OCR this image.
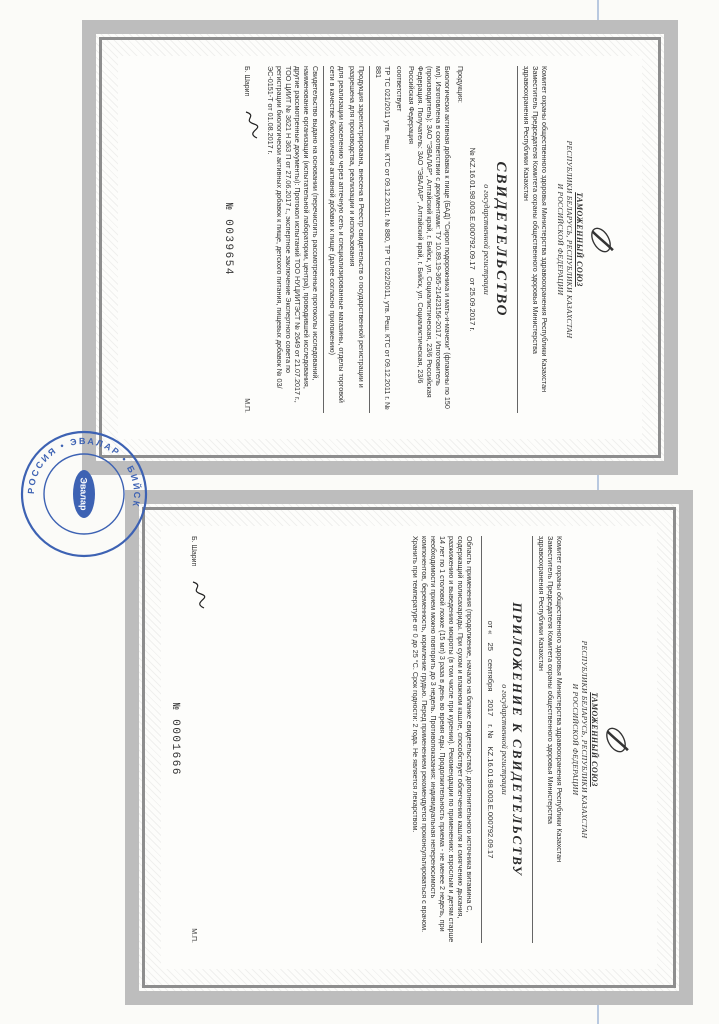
ТАМОЖЕННЫЙ СОЮЗ
РЕСПУБЛИКИ БЕЛАРУСЬ, РЕСПУБЛИКИ КАЗАХСТАН
И РОССИЙСКОЙ ФЕДЕРАЦИИ
Комитет охраны общественного здоровья Министерства здравоохранения Республики Казахстан
Заместитель Председателя Комитета охраны общественного здоровья Министерства
здравоохранения Республики Казахстан
СВИДЕТЕЛЬСТВО
о государственной регистрации
№ KZ.16.01.98.003.E.000792.09.17
от 25.09.2017 г.
Продукция:
Биологически активная добавка к пище (БАД) "Сироп подорожника и мать-и-мачехи" (флаконы по 150 мл). Изготовлена в соответствии с документами: ТУ 10.89.19-365-21423156-2017. Изготовитель (производитель): ЗАО "ЭВАЛАР", Алтайский край, г. Бийск, ул. Социалистическая, 23/6 Российская Федерация. Получатель: ЗАО "ЭВАЛАР", Алтайский край, г. Бийск, ул. Социалистическая, 23/6 Российская Федерация
соответствует
ТР ТС 021/2011 утв. Реш. КТС от 09.12.2011г. № 880, ТР ТС 022/2011, утв. Реш. КТС от 09.12.2011 г. № 881
Продукция зарегистрирована, внесена в Реестр свидетельств о государственной регистрации и разрешена для производства, реализации и использования
для реализации населению через аптечную сеть и специализированные магазины, отделы торговой сети в качестве биологически активной добавки к пище (далее согласно приложению)
Свидетельство выдано на основании (перечислить рассмотренные протоколы исследований, наименование организации (испытательной лаборатории, центра), проводившей исследования, другие рассмотренные документы): Протокол испытаний ТОО НУЦИИТЭСТ № 2649 от 21.07.2017 г., ТОО ЦИИТ № 3621 Н 363 П от 27.06.2017 г., экспертное заключение Экспертного совета по регистрации биологически активных добавок к пище, детского питания, пищевых добавок № 03/ЭС-0151-Т от 01.08.2017 г.
Б. Шарип
М.П.
№ 0039654
ТАМОЖЕННЫЙ СОЮЗ
РЕСПУБЛИКИ БЕЛАРУСЬ, РЕСПУБЛИКИ КАЗАХСТАН
И РОССИЙСКОЙ ФЕДЕРАЦИИ
Комитет охраны общественного здоровья Министерства здравоохранения Республики Казахстан
Заместитель Председателя Комитета охраны общественного здоровья Министерства
здравоохранения Республики Казахстан
ПРИЛОЖЕНИЕ К СВИДЕТЕЛЬСТВУ
о государственной регистрации
от «
25
сентября
2017
г. №
KZ.16.01.98.003.E.000792.09.17
Область применения (продолжение, начало на бланке свидетельства): дополнительного источника витамина С, содержащий полисахариды. При сухом и влажном кашле, способствует облегчению кашля и смягчению дыхания, разжижению и выведению мокроты (в том числе при курении). Рекомендации по применению: взрослым и детям старше 14 лет по 1 столовой ложке (15 мл) 3 раза в день во время еды. Продолжительность приема - не менее 2 недель, при необходимости прием можно повторить до 3 недель. Противопоказания: индивидуальная непереносимость компонентов, беременность, кормление грудью. Перед применением рекомендуется проконсультироваться с врачом. Хранить при температуре от 0 до 25 °С. Срок годности: 2 года. Не является лекарством.
Б. Шарип
М.П.
№ 0001666
РОССИЯ • ЭВАЛАР • БИЙСК
Эвалар
